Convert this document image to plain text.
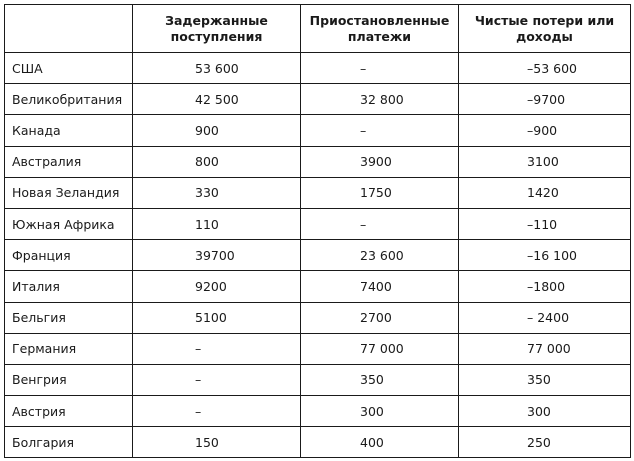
	Задержанные поступления	Приостановленные платежи	Чистые потери или доходы
США	53 600	–	–53 600
Великобритания	42 500	32 800	–9700
Канада	900	–	–900
Австралия	800	3900	3100
Новая Зеландия	330	1750	1420
Южная Африка	110	–	–110
Франция	39700	23 600	–16 100
Италия	9200	7400	–1800
Бельгия	5100	2700	– 2400
Германия	–	77 000	77 000
Венгрия	–	350	350
Австрия	–	300	300
Болгария	150	400	250
